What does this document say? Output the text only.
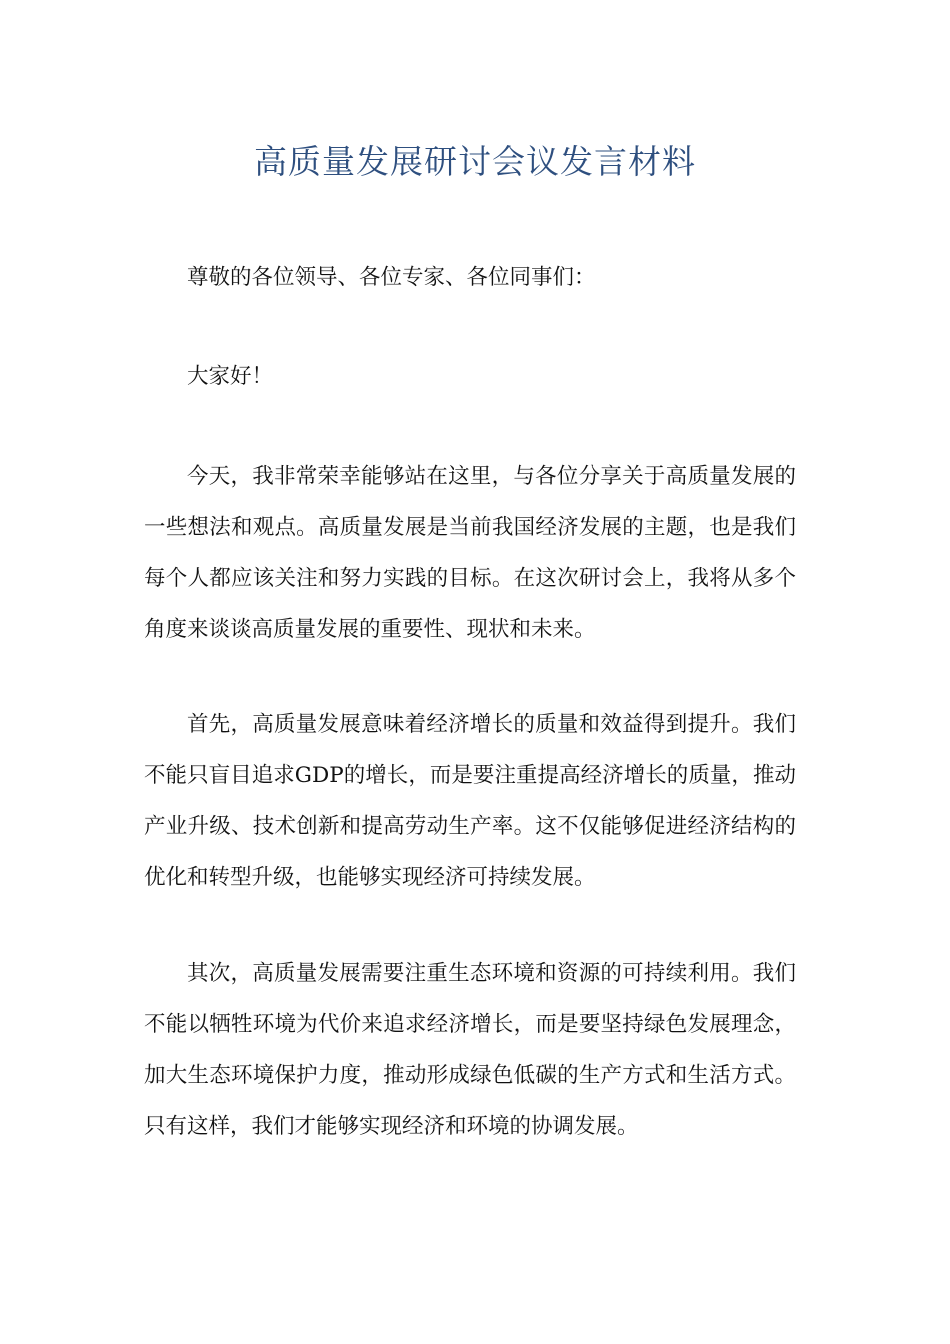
高质量发展研讨会议发言材料

尊敬的各位领导、各位专家、各位同事们：

大家好！

今天，我非常荣幸能够站在这里，与各位分享关于高质量发展的一些想法和观点。高质量发展是当前我国经济发展的主题，也是我们每个人都应该关注和努力实践的目标。在这次研讨会上，我将从多个角度来谈谈高质量发展的重要性、现状和未来。

首先，高质量发展意味着经济增长的质量和效益得到提升。我们不能只盲目追求GDP的增长，而是要注重提高经济增长的质量，推动产业升级、技术创新和提高劳动生产率。这不仅能够促进经济结构的优化和转型升级，也能够实现经济可持续发展。

其次，高质量发展需要注重生态环境和资源的可持续利用。我们不能以牺牲环境为代价来追求经济增长，而是要坚持绿色发展理念，加大生态环境保护力度，推动形成绿色低碳的生产方式和生活方式。只有这样，我们才能够实现经济和环境的协调发展。
